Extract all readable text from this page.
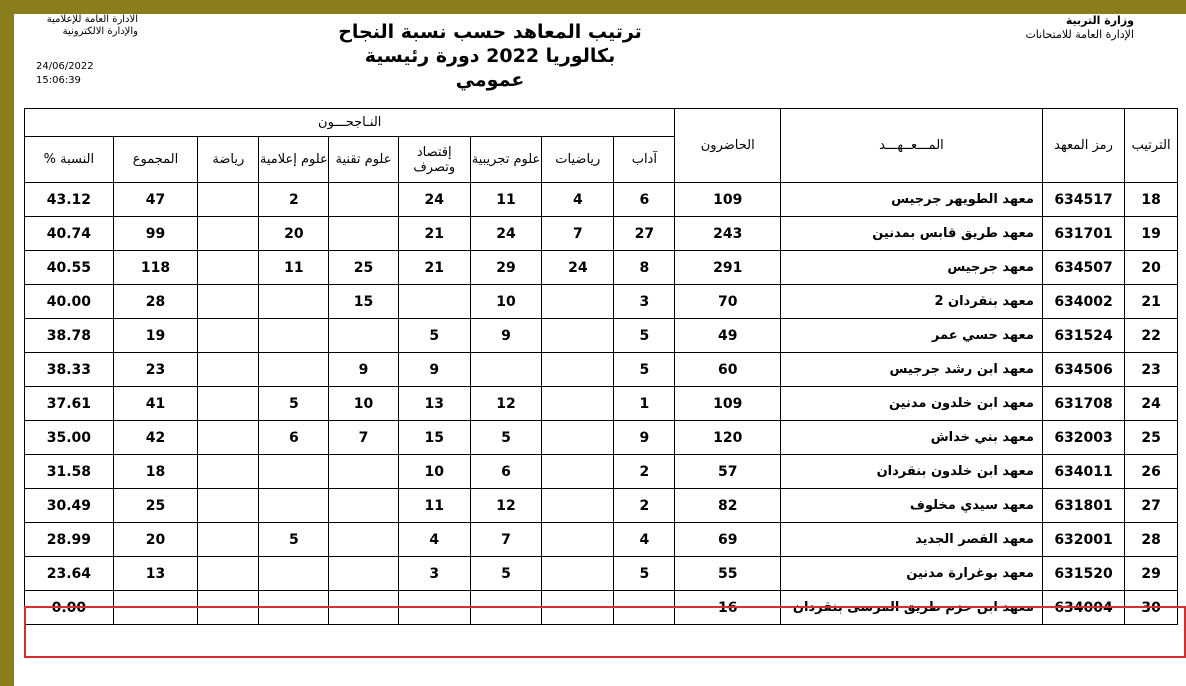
وزارة التربية
الإدارة العامة للامتحانات
الادارة العامة للإعلامية
والإدارة الالكترونية
24/06/2022
15:06:39
ترتيب المعاهد حسب نسبة النجاح
بكالوريا 2022 دورة رئيسية
عمومي
الترتيب	رمز المعهد	المـــعــهـــد	الحاضرون	النـاجحـــون								
				آداب	رياضيات	علوم تجريبية	إقتصاد وتصرف	علوم تقنية	علوم إعلامية	رياضة	المجموع	النسبة %
18	634517	معهد الطويهر جرجيس	109	6	4	11	24		2		47	43.12
19	631701	معهد طريق قابس بمدنين	243	27	7	24	21		20		99	40.74
20	634507	معهد جرجيس	291	8	24	29	21	25	11		118	40.55
21	634002	معهد بنقردان 2	70	3		10		15			28	40.00
22	631524	معهد حسي عمر	49	5		9	5				19	38.78
23	634506	معهد ابن رشد جرجيس	60	5			9	9			23	38.33
24	631708	معهد ابن خلدون مدنين	109	1		12	13	10	5		41	37.61
25	632003	معهد بني خداش	120	9		5	15	7	6		42	35.00
26	634011	معهد ابن خلدون بنقردان	57	2		6	10				18	31.58
27	631801	معهد سيدي مخلوف	82	2		12	11				25	30.49
28	632001	معهد القصر الجديد	69	4		7	4		5		20	28.99
29	631520	معهد بوغرارة مدنين	55	5		5	3				13	23.64
30	634004	معهد ابن حزم طريق المرسى بنقردان	16									0.00
